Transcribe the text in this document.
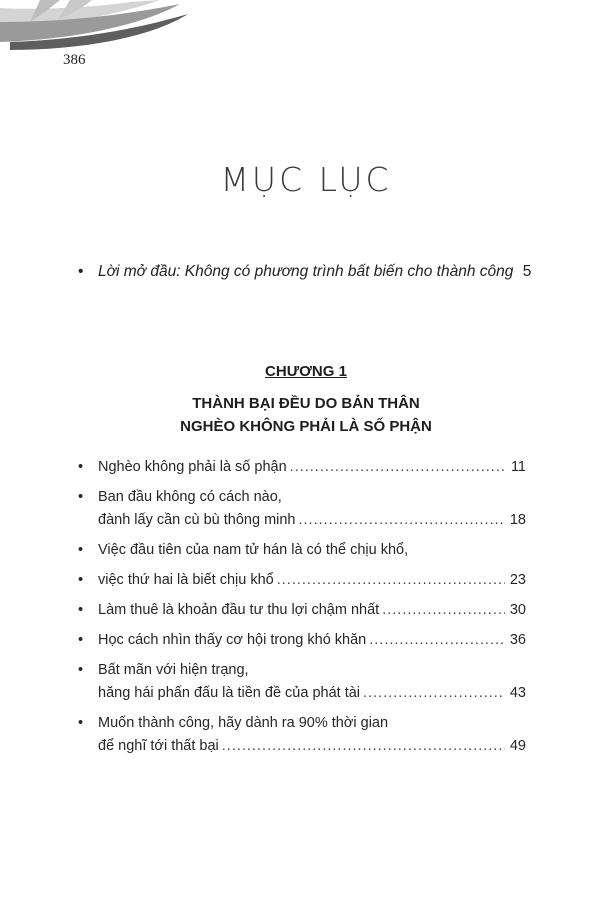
386
MỤC LỤC
• Lời mở đầu: Không có phương trình bất biến cho thành công 5
CHƯƠNG 1
THÀNH BẠI ĐỀU DO BẢN THÂN
NGHÈO KHÔNG PHẢI LÀ SỐ PHẬN
• Nghèo không phải là số phận .....	11
• Ban đầu không có cách nào,
đành lấy cần cù bù thông minh .....	18
• Việc đầu tiên của nam tử hán là có thể chịu khổ,
• việc thứ hai là biết chịu khổ .....	23
• Làm thuê là khoản đầu tư thu lợi chậm nhất .....	30
• Học cách nhìn thấy cơ hội trong khó khăn .....	36
• Bất mãn với hiện trạng,
hăng hái phấn đấu là tiền đề của phát tài .....	43
• Muốn thành công, hãy dành ra 90% thời gian
để nghĩ tới thất bại .....	49
